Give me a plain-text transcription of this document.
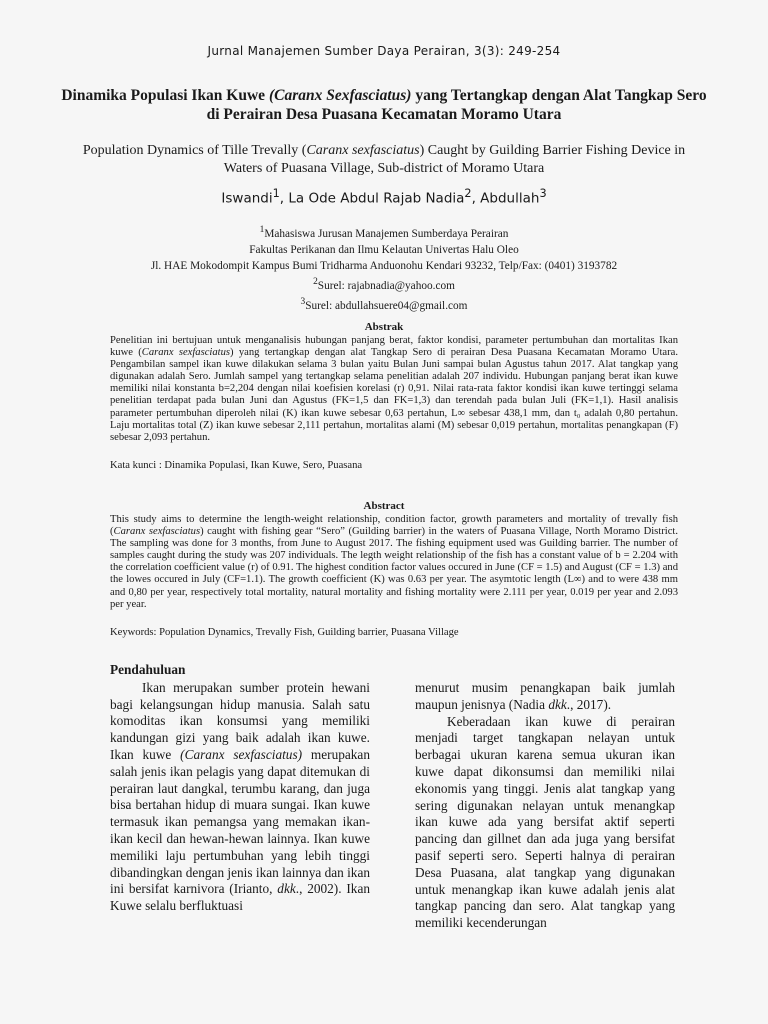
Jurnal Manajemen Sumber Daya Perairan, 3(3): 249-254
Dinamika Populasi Ikan Kuwe (Caranx Sexfasciatus) yang Tertangkap dengan Alat Tangkap Sero di Perairan Desa Puasana Kecamatan Moramo Utara
Population Dynamics of Tille Trevally (Caranx sexfasciatus) Caught by Guilding Barrier Fishing Device in Waters of Puasana Village, Sub-district of Moramo Utara
Iswandi$^1$, La Ode Abdul Rajab Nadia$^2$, Abdullah$^3$
$^1$Mahasiswa Jurusan Manajemen Sumberdaya Perairan
Fakultas Perikanan dan Ilmu Kelautan Univertas Halu Oleo
Jl. HAE Mokodompit Kampus Bumi Tridharma Anduonohu Kendari 93232, Telp/Fax: (0401) 3193782
$^2$Surel: rajabnadia@yahoo.com
$^3$Surel: abdullahsuere04@gmail.com
Abstrak
Penelitian ini bertujuan untuk menganalisis hubungan panjang berat, faktor kondisi, parameter pertumbuhan dan mortalitas Ikan kuwe (Caranx sexfasciatus) yang tertangkap dengan alat Tangkap Sero di perairan Desa Puasana Kecamatan Moramo Utara. Pengambilan sampel ikan kuwe dilakukan selama 3 bulan yaitu Bulan Juni sampai bulan Agustus tahun 2017. Alat tangkap yang digunakan adalah Sero. Jumlah sampel yang tertangkap selama penelitian adalah 207 individu. Hubungan panjang berat ikan kuwe memiliki nilai konstanta b=2,204 dengan nilai koefisien korelasi (r) 0,91. Nilai rata-rata faktor kondisi ikan kuwe tertinggi selama penelitian terdapat pada bulan Juni dan Agustus (FK=1,5 dan FK=1,3) dan terendah pada bulan Juli (FK=1,1). Hasil analisis parameter pertumbuhan diperoleh nilai (K) ikan kuwe sebesar 0,63 pertahun, L∞ sebesar 438,1 mm, dan t₀ adalah 0,80 pertahun. Laju mortalitas total (Z) ikan kuwe sebesar 2,111 pertahun, mortalitas alami (M) sebesar 0,019 pertahun, mortalitas penangkapan (F) sebesar 2,093 pertahun.
Kata kunci : Dinamika Populasi, Ikan Kuwe, Sero, Puasana
Abstract
This study aims to determine the length-weight relationship, condition factor, growth parameters and mortality of trevally fish (Caranx sexfasciatus) caught with fishing gear “Sero” (Guilding barrier) in the waters of Puasana Village, North Moramo District. The sampling was done for 3 months, from June to August 2017. The fishing equipment used was Guilding barrier. The number of samples caught during the study was 207 individuals. The legth weight relationship of the fish has a constant value of b = 2.204 with the correlation coefficient value (r) of 0.91. The highest condition factor values occured in June (CF = 1.5) and August (CF = 1.3) and the lowes occured in July (CF=1.1). The growth coefficient (K) was 0.63 per year. The asymtotic length (L∞) and to were 438 mm and 0,80 per year, respectively total mortality, natural mortality and fishing mortality were 2.111 per year, 0.019 per year and 2.093 per year.
Keywords: Population Dynamics, Trevally Fish, Guilding barrier, Puasana Village
Pendahuluan

Ikan merupakan sumber protein hewani bagi kelangsungan hidup manusia. Salah satu komoditas ikan konsumsi yang memiliki kandungan gizi yang baik adalah ikan kuwe. Ikan kuwe (Caranx sexfasciatus) merupakan salah jenis ikan pelagis yang dapat ditemukan di perairan laut dangkal, terumbu karang, dan juga bisa bertahan hidup di muara sungai. Ikan kuwe termasuk ikan pemangsa yang memakan ikan-ikan kecil dan hewan-hewan lainnya. Ikan kuwe memiliki laju pertumbuhan yang lebih tinggi dibandingkan dengan jenis ikan lainnya dan ikan ini bersifat karnivora (Irianto, dkk., 2002). Ikan Kuwe selalu berfluktuasi

menurut musim penangkapan baik jumlah maupun jenisnya (Nadia dkk., 2017).

Keberadaan ikan kuwe di perairan menjadi target tangkapan nelayan untuk berbagai ukuran karena semua ukuran ikan kuwe dapat dikonsumsi dan memiliki nilai ekonomis yang tinggi. Jenis alat tangkap yang sering digunakan nelayan untuk menangkap ikan kuwe ada yang bersifat aktif seperti pancing dan gillnet dan ada juga yang bersifat pasif seperti sero. Seperti halnya di perairan Desa Puasana, alat tangkap yang digunakan untuk menangkap ikan kuwe adalah jenis alat tangkap pancing dan sero. Alat tangkap yang memiliki kecenderungan
